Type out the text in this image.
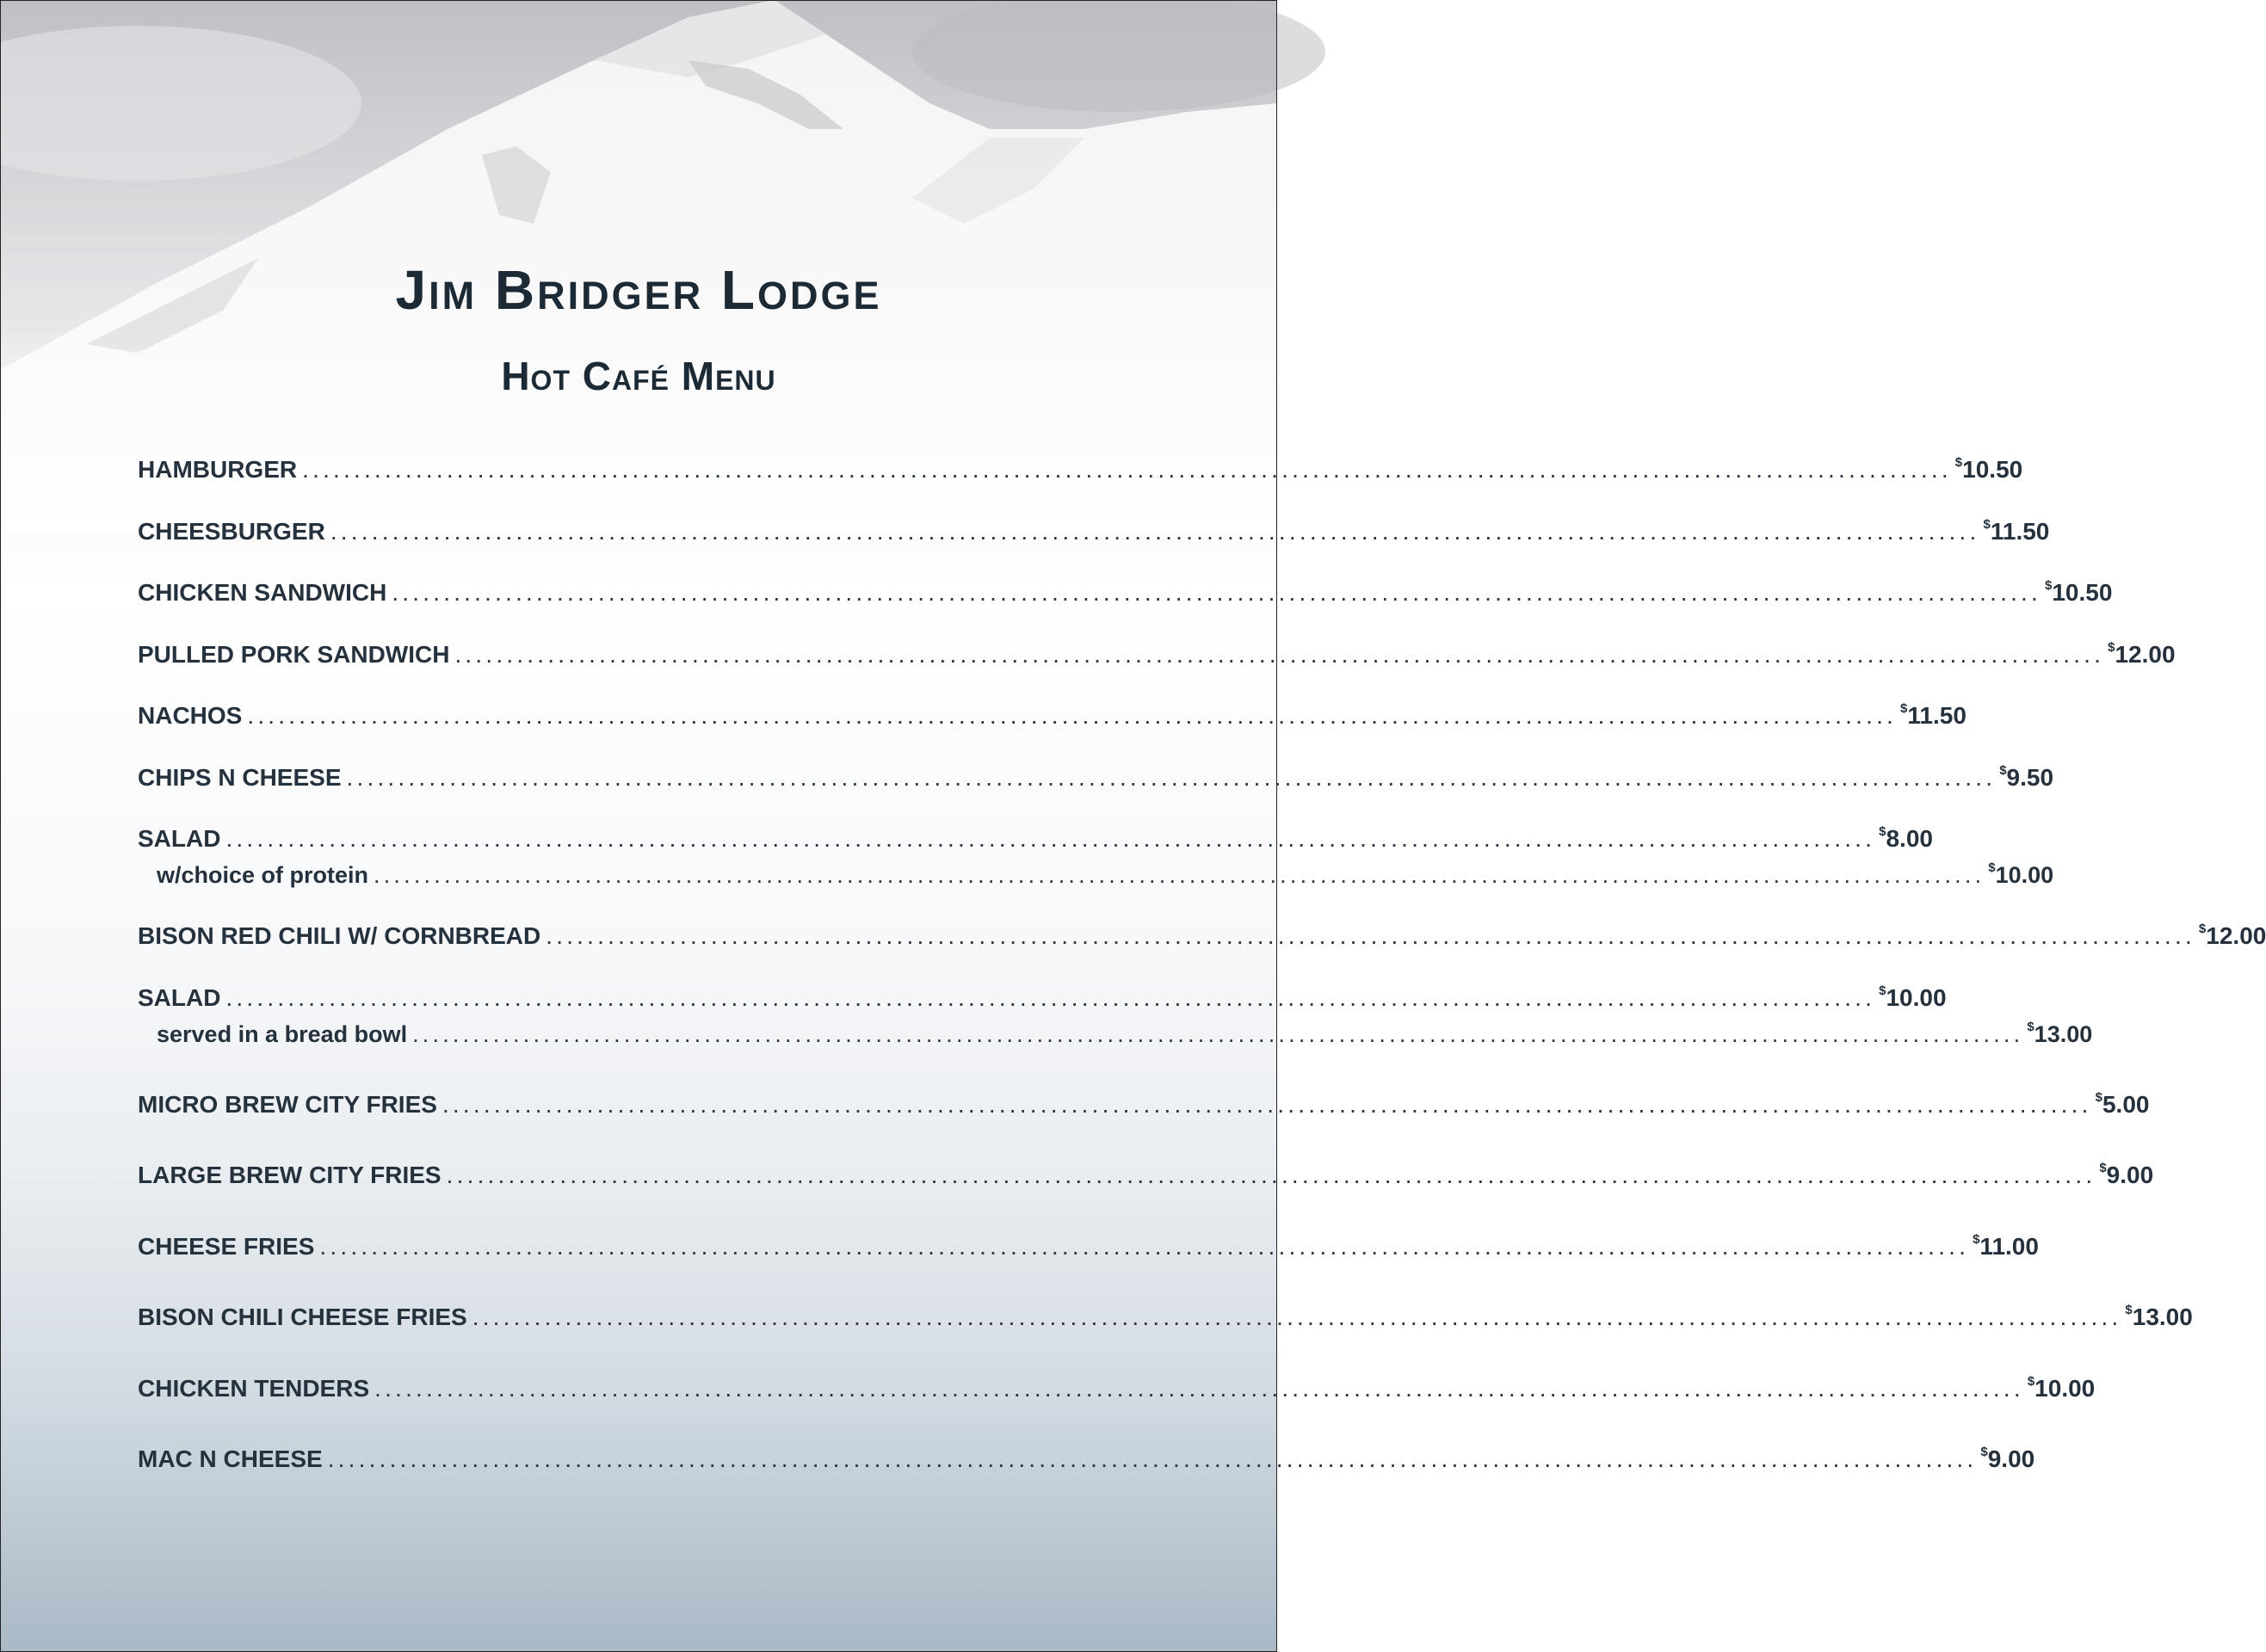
Jim Bridger Lodge
Hot Café Menu
HAMBURGER ................................................................................................................................................................ $10.50
CHEESBURGER ................................................................................................................................................................ $11.50
CHICKEN SANDWICH ................................................................................................................................................................ $10.50
PULLED PORK SANDWICH ................................................................................................................................................................ $12.00
NACHOS ................................................................................................................................................................ $11.50
CHIPS N CHEESE ................................................................................................................................................................ $9.50
SALAD ................................................................................................................................................................ $8.00
w/choice of protein ................................................................................................................................................................ $10.00
BISON RED CHILI W/ CORNBREAD ................................................................................................................................................................ $12.00
SALAD ................................................................................................................................................................ $10.00
served in a bread bowl ................................................................................................................................................................ $13.00
MICRO BREW CITY FRIES ................................................................................................................................................................ $5.00
LARGE BREW CITY FRIES ................................................................................................................................................................ $9.00
CHEESE FRIES ................................................................................................................................................................ $11.00
BISON CHILI CHEESE FRIES ................................................................................................................................................................ $13.00
CHICKEN TENDERS ................................................................................................................................................................ $10.00
MAC N CHEESE ................................................................................................................................................................ $9.00
